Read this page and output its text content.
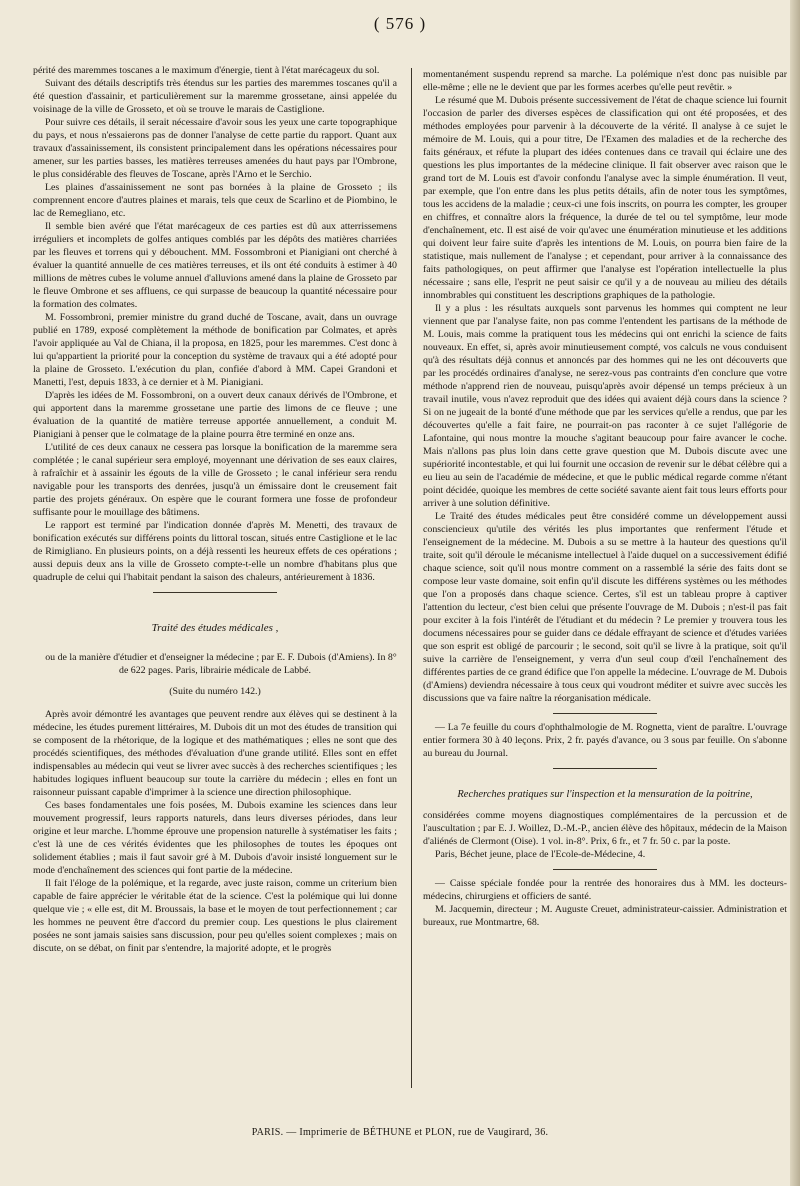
( 576 )

périté des maremmes toscanes a le maximum d'énergie, tient à l'état marécageux du sol.

Suivant des détails descriptifs très étendus sur les parties des maremmes toscanes qu'il a été question d'assainir, et particulièrement sur la maremme grossetane, ainsi appelée du voisinage de la ville de Grosseto, et où se trouve le marais de Castiglione.

Pour suivre ces détails, il serait nécessaire d'avoir sous les yeux une carte topographique du pays, et nous n'essaierons pas de donner l'analyse de cette partie du rapport. Quant aux travaux d'assainissement, ils consistent principalement dans les opérations nécessaires pour amener, sur les parties basses, les matières terreuses amenées du haut pays par l'Ombrone, le plus considérable des fleuves de Toscane, après l'Arno et le Serchio.

Les plaines d'assainissement ne sont pas bornées à la plaine de Grosseto ; ils comprennent encore d'autres plaines et marais, tels que ceux de Scarlino et de Piombino, le lac de Remegliano, etc.

Il semble bien avéré que l'état marécageux de ces parties est dû aux atterrissemens irréguliers et incomplets de golfes antiques comblés par les dépôts des matières charriées par les fleuves et torrens qui y débouchent. MM. Fossombroni et Pianigiani ont cherché à évaluer la quantité annuelle de ces matières terreuses, et ils ont été conduits à estimer à 40 millions de mètres cubes le volume annuel d'alluvions amené dans la plaine de Grosseto par le fleuve Ombrone et ses affluens, ce qui surpasse de beaucoup la quantité nécessaire pour la formation des colmates.

M. Fossombroni, premier ministre du grand duché de Toscane, avait, dans un ouvrage publié en 1789, exposé complètement la méthode de bonification par Colmates, et après l'avoir appliquée au Val de Chiana, il la proposa, en 1825, pour les maremmes. C'est donc à lui qu'appartient la priorité pour la conception du système de travaux qui a été adopté pour la plaine de Grosseto. L'exécution du plan, confiée d'abord à MM. Capei Grandoni et Manetti, l'est, depuis 1833, à ce dernier et à M. Pianigiani.

D'après les idées de M. Fossombroni, on a ouvert deux canaux dérivés de l'Ombrone, et qui apportent dans la maremme grossetane une partie des limons de ce fleuve ; une évaluation de la quantité de matière terreuse apportée annuellement, a conduit M. Pianigiani à penser que le colmatage de la plaine pourra être terminé en onze ans.

L'utilité de ces deux canaux ne cessera pas lorsque la bonification de la maremme sera complétée ; le canal supérieur sera employé, moyennant une dérivation de ses eaux claires, à rafraîchir et à assainir les égouts de la ville de Grosseto ; le canal inférieur sera rendu navigable pour les transports des denrées, jusqu'à un émissaire dont le creusement fait partie des projets généraux. On espère que le courant formera une fosse de profondeur suffisante pour le mouillage des bâtimens.

Le rapport est terminé par l'indication donnée d'après M. Menetti, des travaux de bonification exécutés sur différens points du littoral toscan, situés entre Castiglione et le lac de Rimigliano. En plusieurs points, on a déjà ressenti les heureux effets de ces opérations ; aussi depuis deux ans la ville de Grosseto compte-t-elle un nombre d'habitans plus que quadruple de celui qui l'habitait pendant la saison des chaleurs, antérieurement à 1836.

Traité des études médicales ,

ou de la manière d'étudier et d'enseigner la médecine ; par E. F. Dubois (d'Amiens). In 8° de 622 pages. Paris, librairie médicale de Labbé.

(Suite du numéro 142.)

Après avoir démontré les avantages que peuvent rendre aux élèves qui se destinent à la médecine, les études purement littéraires, M. Dubois dit un mot des études de transition qui se composent de la rhétorique, de la logique et des mathématiques ; elles ne sont que des procédés scientifiques, des méthodes d'évaluation d'une grande utilité. Elles sont en effet indispensables au médecin qui veut se livrer avec succès à des recherches scientifiques ; les habitudes logiques influent beaucoup sur toute la carrière du médecin ; elles en font un raisonneur puissant capable d'imprimer à la science une direction philosophique.

Ces bases fondamentales une fois posées, M. Dubois examine les sciences dans leur mouvement progressif, leurs rapports naturels, dans leurs diverses périodes, dans leur origine et leur marche. L'homme éprouve une propension naturelle à systématiser les faits ; c'est là une de ces vérités évidentes que les philosophes de toutes les époques ont solidement établies ; mais il faut savoir gré à M. Dubois d'avoir insisté longuement sur le mode d'enchaînement des sciences qui font partie de la médecine.

Il fait l'éloge de la polémique, et la regarde, avec juste raison, comme un criterium bien capable de faire apprécier le véritable état de la science. C'est la polémique qui lui donne quelque vie ; « elle est, dit M. Broussais, la base et le moyen de tout perfectionnement ; car les hommes ne peuvent être d'accord du premier coup. Les questions le plus clairement posées ne sont jamais saisies sans discussion, pour peu qu'elles soient complexes ; mais on discute, on se débat, on finit par s'entendre, la majorité adopte, et le progrès

momentanément suspendu reprend sa marche. La polémique n'est donc pas nuisible par elle-même ; elle ne le devient que par les formes acerbes qu'elle peut revêtir. »

Le résumé que M. Dubois présente successivement de l'état de chaque science lui fournit l'occasion de parler des diverses espèces de classification qui ont été proposées, et des méthodes employées pour parvenir à la découverte de la vérité. Il analyse à ce sujet le mémoire de M. Louis, qui a pour titre, De l'Examen des maladies et de la recherche des faits généraux, et réfute la plupart des idées contenues dans ce travail qui éclaire une des questions les plus importantes de la médecine clinique. Il fait observer avec raison que le grand tort de M. Louis est d'avoir confondu l'analyse avec la simple énumération. Il veut, par exemple, que l'on entre dans les plus petits détails, afin de noter tous les symptômes, tous les accidens de la maladie ; ceux-ci une fois inscrits, on pourra les compter, les grouper en chiffres, et connaître alors la fréquence, la durée de tel ou tel symptôme, leur mode d'enchaînement, etc. Il est aisé de voir qu'avec une énumération minutieuse et les additions qui doivent leur faire suite d'après les intentions de M. Louis, on pourra bien faire de la statistique, mais nullement de l'analyse ; et cependant, pour arriver à la connaissance des faits pathologiques, on peut affirmer que l'analyse est l'opération intellectuelle la plus nécessaire ; sans elle, l'esprit ne peut saisir ce qu'il y a de nouveau au milieu des détails innombrables qui constituent les descriptions graphiques de la pathologie.

Il y a plus : les résultats auxquels sont parvenus les hommes qui comptent ne leur viennent que par l'analyse faite, non pas comme l'entendent les partisans de la méthode de M. Louis, mais comme la pratiquent tous les médecins qui ont enrichi la science de faits nouveaux. En effet, si, après avoir minutieusement compté, vos calculs ne vous conduisent qu'à des résultats déjà connus et annoncés par des hommes qui ne les ont découverts que par les procédés ordinaires d'analyse, ne serez-vous pas contraints d'en conclure que votre méthode n'apprend rien de nouveau, puisqu'après avoir dépensé un temps précieux à un travail inutile, vous n'avez reproduit que des idées qui avaient déjà cours dans la science ? Si on ne jugeait de la bonté d'une méthode que par les services qu'elle a rendus, que par les découvertes qu'elle a fait faire, ne pourrait-on pas raconter à ce sujet l'allégorie de Lafontaine, qui nous montre la mouche s'agitant beaucoup pour faire avancer le coche. Mais n'allons pas plus loin dans cette grave question que M. Dubois discute avec une supériorité incontestable, et qui lui fournit une occasion de revenir sur le débat célèbre qui a eu lieu au sein de l'académie de médecine, et que le public médical regarde comme n'étant point décidée, quoique les membres de cette société savante aient fait tous leurs efforts pour arriver à une solution définitive.

Le Traité des études médicales peut être considéré comme un développement aussi consciencieux qu'utile des vérités les plus importantes que renferment l'étude et l'enseignement de la médecine. M. Dubois a su se mettre à la hauteur des questions qu'il traite, soit qu'il déroule le mécanisme intellectuel à l'aide duquel on a successivement édifié chaque science, soit qu'il nous montre comment on a rassemblé la série des faits dont se compose leur vaste domaine, soit enfin qu'il discute les différens systèmes ou les méthodes que l'on a proposés dans chaque science. Certes, s'il est un tableau propre à captiver l'attention du lecteur, c'est bien celui que présente l'ouvrage de M. Dubois ; n'est-il pas fait pour exciter à la fois l'intérêt de l'étudiant et du médecin ? Le premier y trouvera tous les documens nécessaires pour se guider dans ce dédale effrayant de science et d'études variées que son esprit est obligé de parcourir ; le second, soit qu'il se livre à la pratique, soit qu'il suive la carrière de l'enseignement, y verra d'un seul coup d'œil l'enchaînement des différentes parties de ce grand édifice que l'on appelle la médecine. L'ouvrage de M. Dubois (d'Amiens) deviendra nécessaire à tous ceux qui voudront méditer et suivre avec succès les discussions que va faire naître la réorganisation médicale.

— La 7e feuille du cours d'ophthalmologie de M. Rognetta, vient de paraître. L'ouvrage entier formera 30 à 40 leçons. Prix, 2 fr. payés d'avance, ou 3 sous par feuille. On s'abonne au bureau du Journal.

Recherches pratiques sur l'inspection et la mensuration de la poitrine,

considérées comme moyens diagnostiques complémentaires de la percussion et de l'auscultation ; par E. J. Woillez, D.-M.-P., ancien élève des hôpitaux, médecin de la Maison d'aliénés de Clermont (Oise). 1 vol. in-8°. Prix, 6 fr., et 7 fr. 50 c. par la poste.

Paris, Béchet jeune, place de l'Ecole-de-Médecine, 4.

— Caisse spéciale fondée pour la rentrée des honoraires dus à MM. les docteurs-médecins, chirurgiens et officiers de santé.

M. Jacquemin, directeur ; M. Auguste Creuet, administrateur-caissier. Administration et bureaux, rue Montmartre, 68.

PARIS. — Imprimerie de BÉTHUNE et PLON, rue de Vaugirard, 36.
